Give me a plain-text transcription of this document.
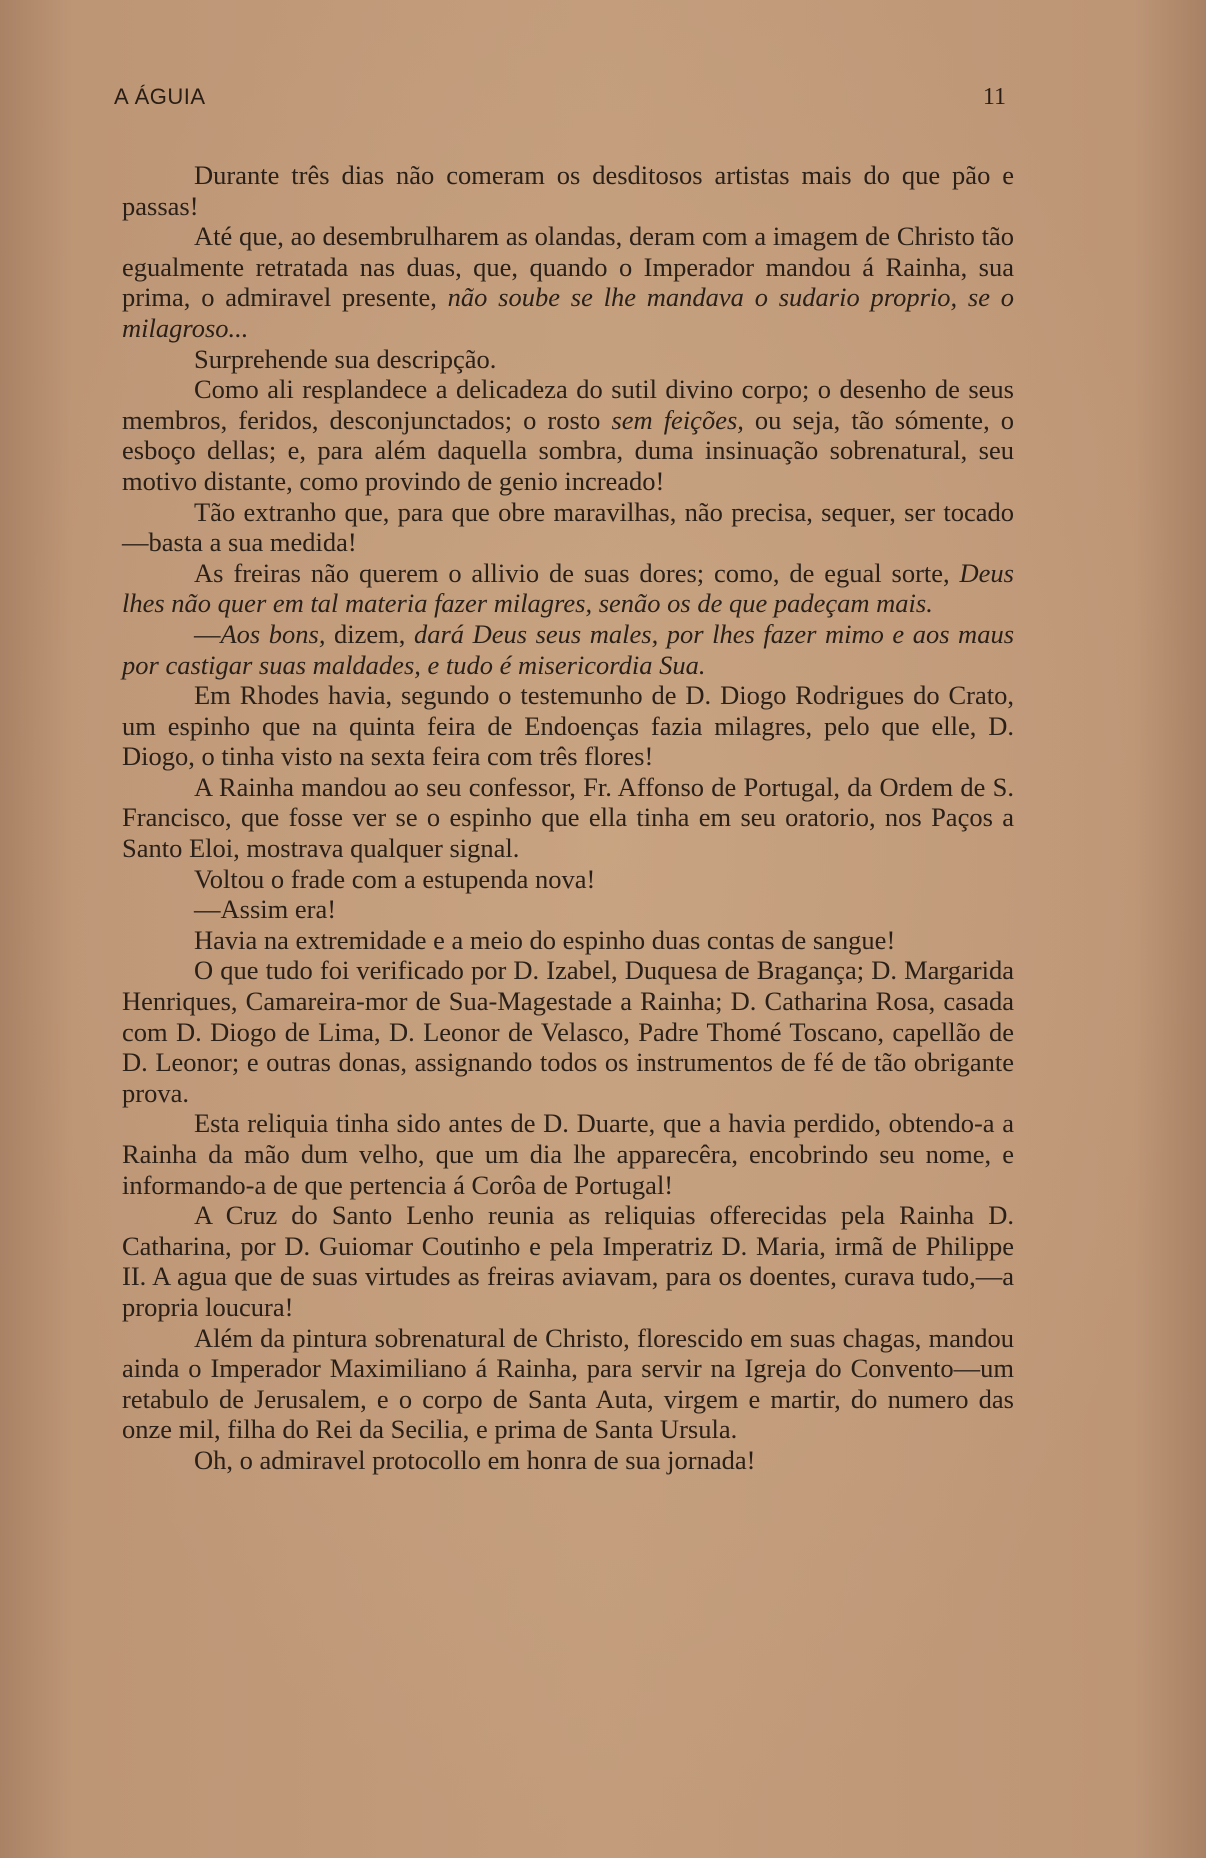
A ÁGUIA	11

Durante três dias não comeram os desditosos artistas mais do que pão e passas!

Até que, ao desembrulharem as olandas, deram com a imagem de Christo tão egualmente retratada nas duas, que, quando o Imperador mandou á Rainha, sua prima, o admiravel presente, não soube se lhe mandava o sudario proprio, se o milagroso...

Surprehende sua descripção.

Como ali resplandece a delicadeza do sutil divino corpo; o desenho de seus membros, feridos, desconjunctados; o rosto sem feições, ou seja, tão sómente, o esboço dellas; e, para além daquella sombra, duma insinuação sobrenatural, seu motivo distante, como provindo de genio increado!

Tão extranho que, para que obre maravilhas, não precisa, sequer, ser tocado—basta a sua medida!

As freiras não querem o allivio de suas dores; como, de egual sorte, Deus lhes não quer em tal materia fazer milagres, senão os de que padeçam mais.

—Aos bons, dizem, dará Deus seus males, por lhes fazer mimo e aos maus por castigar suas maldades, e tudo é misericordia Sua.

Em Rhodes havia, segundo o testemunho de D. Diogo Rodrigues do Crato, um espinho que na quinta feira de Endoenças fazia milagres, pelo que elle, D. Diogo, o tinha visto na sexta feira com três flores!

A Rainha mandou ao seu confessor, Fr. Affonso de Portugal, da Ordem de S. Francisco, que fosse ver se o espinho que ella tinha em seu oratorio, nos Paços a Santo Eloi, mostrava qualquer signal.

Voltou o frade com a estupenda nova!

—Assim era!

Havia na extremidade e a meio do espinho duas contas de sangue!

O que tudo foi verificado por D. Izabel, Duquesa de Bragança; D. Margarida Henriques, Camareira-mor de Sua-Magestade a Rainha; D. Catharina Rosa, casada com D. Diogo de Lima, D. Leonor de Velasco, Padre Thomé Toscano, capellão de D. Leonor; e outras donas, assignando todos os instrumentos de fé de tão obrigante prova.

Esta reliquia tinha sido antes de D. Duarte, que a havia perdido, obtendo-a a Rainha da mão dum velho, que um dia lhe apparecêra, encobrindo seu nome, e informando-a de que pertencia á Corôa de Portugal!

A Cruz do Santo Lenho reunia as reliquias offerecidas pela Rainha D. Catharina, por D. Guiomar Coutinho e pela Imperatriz D. Maria, irmã de Philippe II. A agua que de suas virtudes as freiras aviavam, para os doentes, curava tudo,—a propria loucura!

Além da pintura sobrenatural de Christo, florescido em suas chagas, mandou ainda o Imperador Maximiliano á Rainha, para servir na Igreja do Convento—um retabulo de Jerusalem, e o corpo de Santa Auta, virgem e martir, do numero das onze mil, filha do Rei da Secilia, e prima de Santa Ursula.

Oh, o admiravel protocollo em honra de sua jornada!
